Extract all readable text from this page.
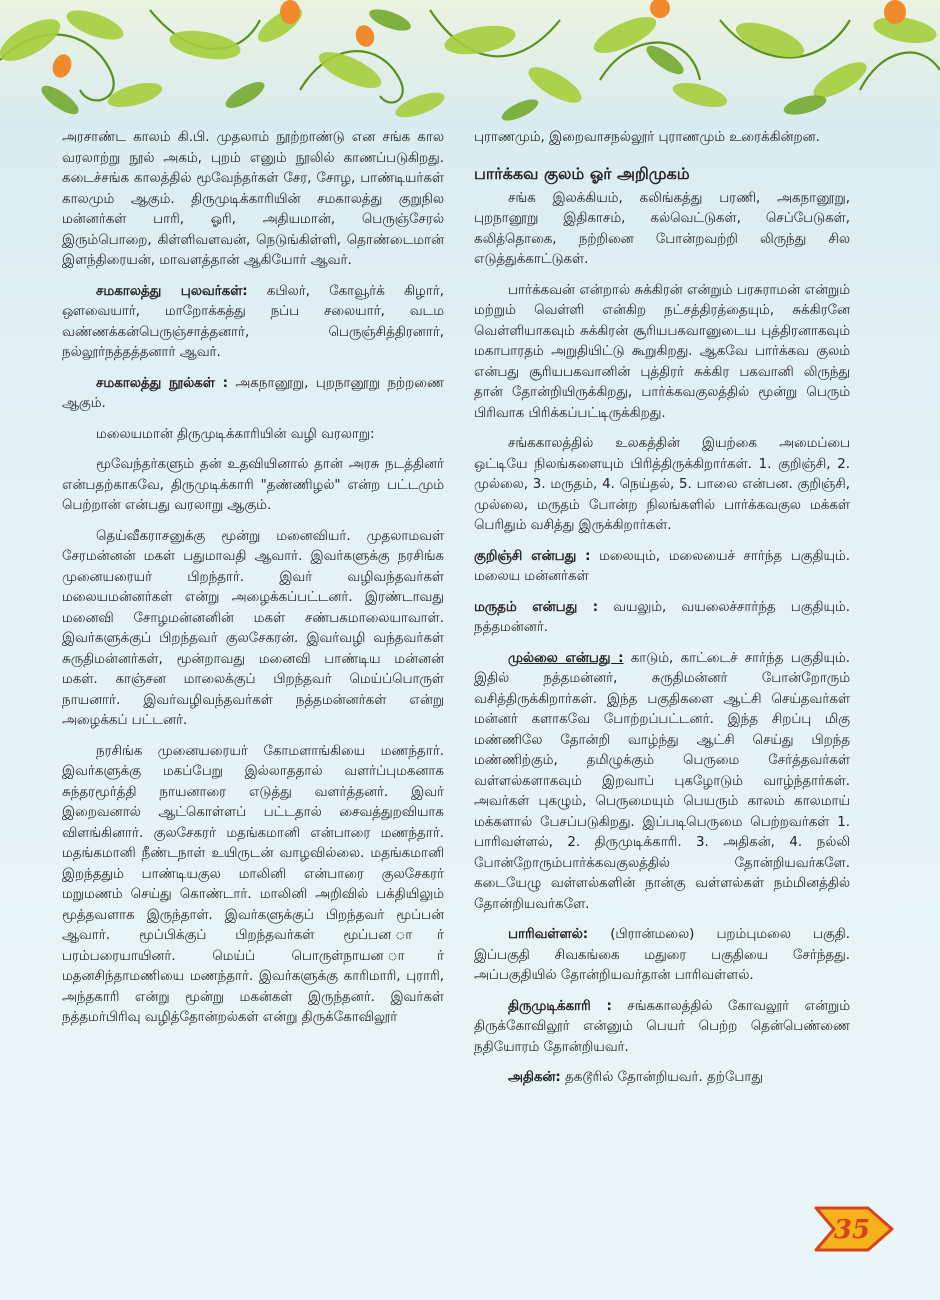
அரசாண்ட காலம் கி.பி. முதலாம் நூற்றாண்டு என சங்க கால வரலாற்று நூல் அகம், புறம் எனும் நூலில் காணப்படுகிறது. கடைச்சங்க காலத்தில் மூவேந்தர்கள் சேர, சோழ, பாண்டியர்கள் காலமும் ஆகும். திருமுடிக்காரியின் சமகாலத்து குறுநில மன்னர்கள் பாரி, ஓரி, அதியமான், பெருஞ்சேரல் இரும்பொறை, கிள்ளிவளவன், நெடுங்கிள்ளி, தொண்டைமான் இளந்திரையன், மாவளத்தான் ஆகியோர் ஆவர்.

சமகாலத்து புலவர்கள்: கபிலர், கோவூர்க் கிழார், ஔவையார், மாறோக்கத்து நப்ப சலையார், வடம வண்ணக்கன்பெருஞ்சாத்தனார், பெருஞ்சித்திரனார், நல்லூர்நத்தத்தனார் ஆவர்.

சமகாலத்து நூல்கள் : அகநானூறு, புறநானூறு நற்றணை ஆகும்.

மலையமான் திருமுடிக்காரியின் வழி வரலாறு:

மூவேந்தர்களும் தன் உதவியினால் தான் அரசு நடத்தினர் என்பதற்காகவே, திருமுடிக்காரி "தண்ணிழல்" என்ற பட்டமும் பெற்றான் என்பது வரலாறு ஆகும்.

தெய்வீகராசனுக்கு மூன்று மனைவியர். முதலாமவள் சேரமன்னன் மகள் பதுமாவதி ஆவார். இவர்களுக்கு நரசிங்க முனையரையர் பிறந்தார். இவர் வழிவந்தவர்கள் மலையமன்னர்கள் என்று அழைக்கப்பட்டனர். இரண்டாவது மனைவி சோழமன்னனின் மகள் சண்பகமாலையாவாள். இவர்களுக்குப் பிறந்தவர் குலசேகரன். இவர்வழி வந்தவர்கள் சுருதிமன்னர்கள், மூன்றாவது மனைவி பாண்டிய மன்னன் மகள். காஞ்சன மாலைக்குப் பிறந்தவர் மெய்ப்பொருள் நாயனார். இவர்வழிவந்தவர்கள் நத்தமன்னர்கள் என்று அழைக்கப் பட்டனர்.

நரசிங்க முனையரையர் கோமளாங்கியை மணந்தார். இவர்களுக்கு மகப்பேறு இல்லாததால் வளர்ப்புமகனாக சுந்தரமூர்த்தி நாயனாரை எடுத்து வளர்த்தனர். இவர் இறைவனால் ஆட்கொள்ளப் பட்டதால் சைவத்துறவியாக விளங்கினார். குலசேகரர் மதங்கமானி என்பாரை மணந்தார். மதங்கமானி நீண்டநாள் உயிருடன் வாழவில்லை. மதங்கமானி இறந்ததும் பாண்டியகுல மாலினி என்பாரை குலசேகரர் மறுமணம் செய்து கொண்டார். மாலினி அறிவில் பக்தியிலும் மூத்தவளாக இருந்தாள். இவர்களுக்குப் பிறந்தவர் மூப்பன் ஆவார். மூப்பிக்குப் பிறந்தவர்கள் மூப்பன ார் பரம்பரையாயினர். மெய்ப் பொருள்நாயன ார் மதனசிந்தாமணியை மணந்தார். இவர்களுக்கு காரிமாரி, புராரி, அந்தகாரி என்று மூன்று மகன்கள் இருந்தனர். இவர்கள் நத்தமர்பிரிவு வழித்தோன்றல்கள் என்று திருக்கோவிலூர்

புராணமும், இறைவாசநல்லூர் புராணமும் உரைக்கின்றன.

பார்க்கவ குலம் ஓர் அறிமுகம்

சங்க இலக்கியம், கலிங்கத்து பரணி, அகநானூறு, புறநானூறு இதிகாசம், கல்வெட்டுகள், செப்பேடுகள், கலித்தொகை, நற்றினை போன்றவற்றி லிருந்து சில எடுத்துக்காட்டுகள்.

பார்க்கவன் என்றால் சுக்கிரன் என்றும் பரசுராமன் என்றும் மற்றும் வெள்ளி என்கிற நட்சத்திரத்தையும், சுக்கிரனே வெள்ளியாகவும் சுக்கிரன் சூரியபகவானுடைய புத்திரனாகவும் மகாபாரதம் அறுதியிட்டு கூறுகிறது. ஆகவே பார்க்கவ குலம் என்பது சூரியபகவானின் புத்திரர் சுக்கிர பகவானி லிருந்து தான் தோன்றியிருக்கிறது, பார்க்கவகுலத்தில் மூன்று பெரும் பிரிவாக பிரிக்கப்பட்டிருக்கிறது.

சங்ககாலத்தில் உலகத்தின் இயற்கை அமைப்பை ஒட்டியே நிலங்களையும் பிரித்திருக்கிறார்கள். 1. குறிஞ்சி, 2. முல்லை, 3. மருதம், 4. நெய்தல், 5. பாலை என்பன. குறிஞ்சி, முல்லை, மருதம் போன்ற நிலங்களில் பார்க்கவகுல மக்கள் பெரிதும் வசித்து இருக்கிறார்கள்.

குறிஞ்சி என்பது : மலையும், மலையைச் சார்ந்த பகுதியும். மலைய மன்னர்கள்

மருதம் என்பது : வயலும், வயலைச்சார்ந்த பகுதியும். நத்தமன்னர்.

முல்லை என்பது : காடும், காட்டைச் சார்ந்த பகுதியும். இதில் நத்தமன்னர், சுருதிமன்னர் போன்றோரும் வசித்திருக்கிறார்கள். இந்த பகுதிகளை ஆட்சி செய்தவர்கள் மன்னர் களாகவே போற்றப்பட்டனர். இந்த சிறப்பு மிகு மண்ணிலே தோன்றி வாழ்ந்து ஆட்சி செய்து பிறந்த மண்ணிற்கும், தமிழுக்கும் பெருமை சேர்த்தவர்கள் வள்ளல்களாகவும் இறவாப் புகழோடும் வாழ்ந்தார்கள். அவர்கள் புகழும், பெருமையும் பெயரும் காலம் காலமாய் மக்களால் பேசப்படுகிறது. இப்படிபெருமை பெற்றவர்கள் 1. பாரிவள்ளல், 2. திருமுடிக்காரி. 3. அதிகன், 4. நல்லி போன்றோரும்பார்க்கவகுலத்தில் தோன்றியவர்களே. கடையேழு வள்ளல்களின் நான்கு வள்ளல்கள் நம்மினத்தில் தோன்றியவர்களே.

பாரிவள்ளல்: (பிரான்மலை) பறம்புமலை பகுதி. இப்பகுதி சிவகங்கை மதுரை பகுதியை சேர்ந்தது. அப்பகுதியில் தோன்றியவர்தான் பாரிவள்ளல்.

திருமுடிக்காரி : சங்ககாலத்தில் கோவலூர் என்றும் திருக்கோவிலூர் என்னும் பெயர் பெற்ற தென்பெண்ணை நதியோரம் தோன்றியவர்.

அதிகன்: தகடூரில் தோன்றியவர். தற்போது

35
